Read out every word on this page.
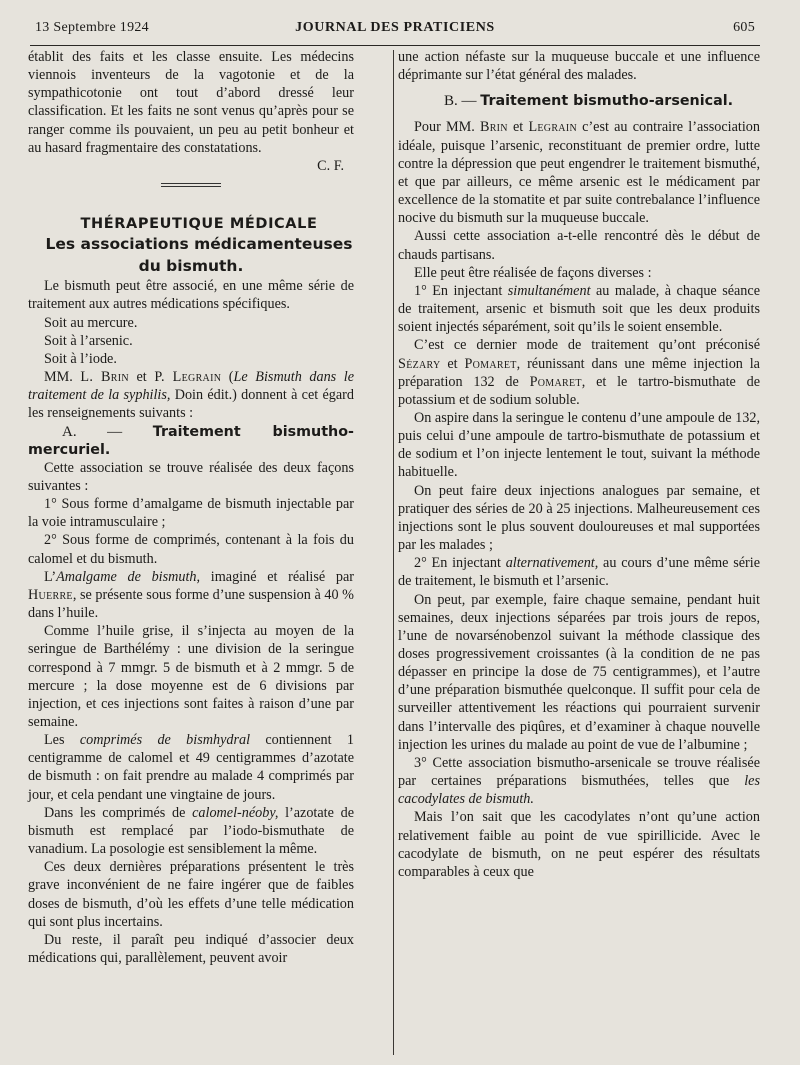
13 Septembre 1924	JOURNAL DES PRATICIENS	605

établit des faits et les classe ensuite. Les médecins viennois inventeurs de la vagotonie et de la sympathicotonie ont tout d’abord dressé leur classification. Et les faits ne sont venus qu’après pour se ranger comme ils pouvaient, un peu au petit bonheur et au hasard fragmentaire des constatations.

C. F.

THÉRAPEUTIQUE MÉDICALE

Les associations médicamenteuses
du bismuth.

Le bismuth peut être associé, en une même série de traitement aux autres médications spécifiques.

Soit au mercure.

Soit à l’arsenic.

Soit à l’iode.

MM. L. Brin et P. Legrain (Le Bismuth dans le traitement de la syphilis, Doin édit.) donnent à cet égard les renseignements suivants :

A. — Traitement bismutho-mercuriel.

Cette association se trouve réalisée des deux façons suivantes :

1° Sous forme d’amalgame de bismuth injectable par la voie intramusculaire ;

2° Sous forme de comprimés, contenant à la fois du calomel et du bismuth.

L’Amalgame de bismuth, imaginé et réalisé par Huerre, se présente sous forme d’une suspension à 40 % dans l’huile.

Comme l’huile grise, il s’injecta au moyen de la seringue de Barthélémy : une division de la seringue correspond à 7 mmgr. 5 de bismuth et à 2 mmgr. 5 de mercure ; la dose moyenne est de 6 divisions par injection, et ces injections sont faites à raison d’une par semaine.

Les comprimés de bismhydral contiennent 1 centigramme de calomel et 49 centigrammes d’azotate de bismuth : on fait prendre au malade 4 comprimés par jour, et cela pendant une vingtaine de jours.

Dans les comprimés de calomel-néoby, l’azotate de bismuth est remplacé par l’iodo-bismuthate de vanadium. La posologie est sensiblement la même.

Ces deux dernières préparations présentent le très grave inconvénient de ne faire ingérer que de faibles doses de bismuth, d’où les effets d’une telle médication qui sont plus incertains.

Du reste, il paraît peu indiqué d’associer deux médications qui, parallèlement, peuvent avoir

une action néfaste sur la muqueuse buccale et une influence déprimante sur l’état général des malades.

B. — Traitement bismutho-arsenical.

Pour MM. Brin et Legrain c’est au contraire l’association idéale, puisque l’arsenic, reconstituant de premier ordre, lutte contre la dépression que peut engendrer le traitement bismuthé, et que par ailleurs, ce même arsenic est le médicament par excellence de la stomatite et par suite contrebalance l’influence nocive du bismuth sur la muqueuse buccale.

Aussi cette association a-t-elle rencontré dès le début de chauds partisans.

Elle peut être réalisée de façons diverses :

1° En injectant simultanément au malade, à chaque séance de traitement, arsenic et bismuth soit que les deux produits soient injectés séparément, soit qu’ils le soient ensemble.

C’est ce dernier mode de traitement qu’ont préconisé Sézary et Pomaret, réunissant dans une même injection la préparation 132 de Pomaret, et le tartro-bismuthate de potassium et de sodium soluble.

On aspire dans la seringue le contenu d’une ampoule de 132, puis celui d’une ampoule de tartro-bismuthate de potassium et de sodium et l’on injecte lentement le tout, suivant la méthode habituelle.

On peut faire deux injections analogues par semaine, et pratiquer des séries de 20 à 25 injections. Malheureusement ces injections sont le plus souvent douloureuses et mal supportées par les malades ;

2° En injectant alternativement, au cours d’une même série de traitement, le bismuth et l’arsenic.

On peut, par exemple, faire chaque semaine, pendant huit semaines, deux injections séparées par trois jours de repos, l’une de novarsénobenzol suivant la méthode classique des doses progressivement croissantes (à la condition de ne pas dépasser en principe la dose de 75 centigrammes), et l’autre d’une préparation bismuthée quelconque. Il suffit pour cela de surveiller attentivement les réactions qui pourraient survenir dans l’intervalle des piqûres, et d’examiner à chaque nouvelle injection les urines du malade au point de vue de l’albumine ;

3° Cette association bismutho-arsenicale se trouve réalisée par certaines préparations bismuthées, telles que les cacodylates de bismuth.

Mais l’on sait que les cacodylates n’ont qu’une action relativement faible au point de vue spirillicide. Avec le cacodylate de bismuth, on ne peut espérer des résultats comparables à ceux que
